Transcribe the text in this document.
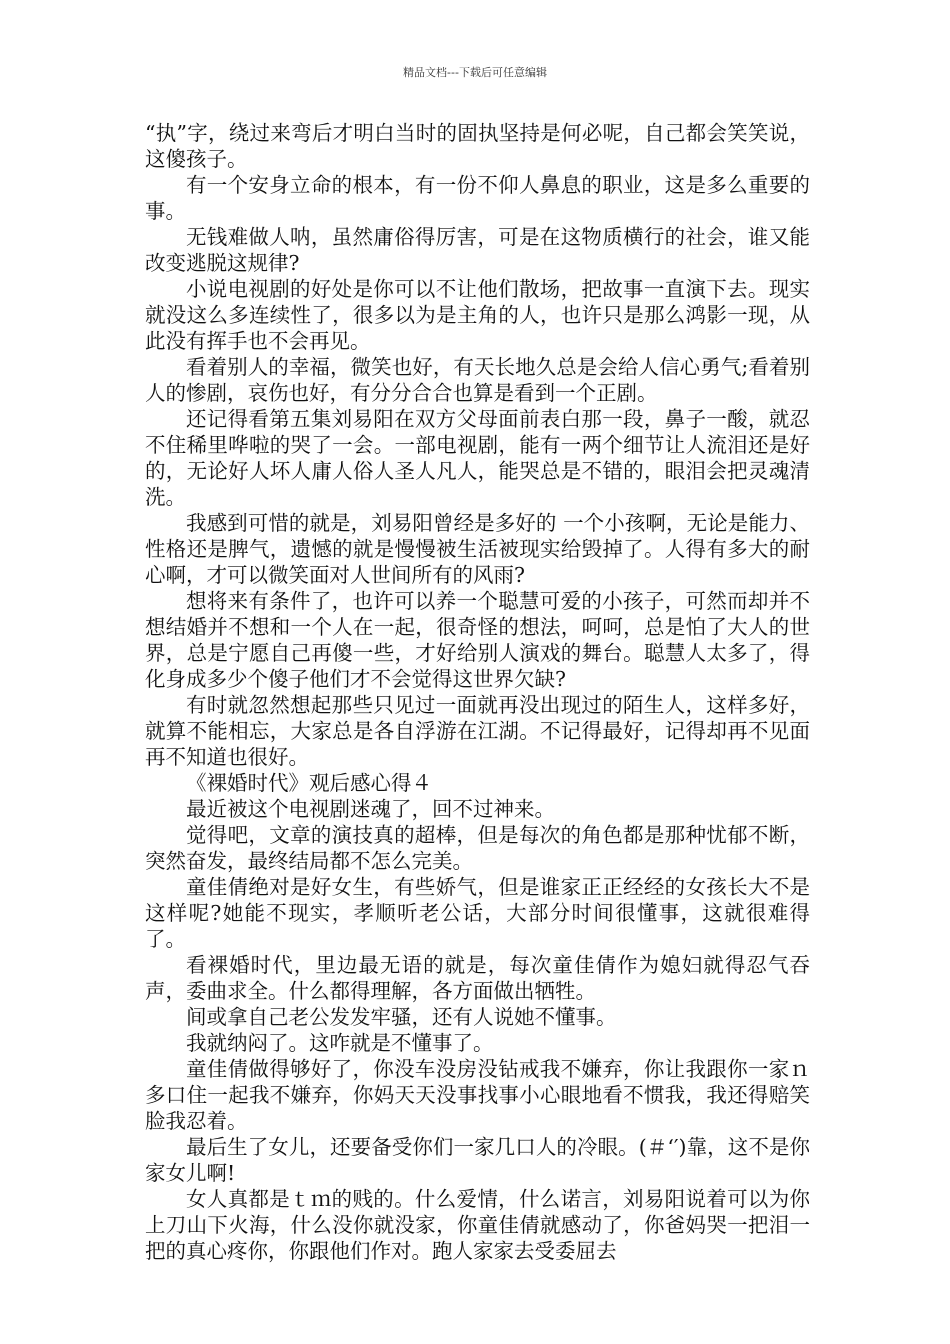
精品文档---下载后可任意编辑

“执”字，绕过来弯后才明白当时的固执坚持是何必呢，自己都会笑笑说，这傻孩子。

有一个安身立命的根本，有一份不仰人鼻息的职业，这是多么重要的事。

无钱难做人呐，虽然庸俗得厉害，可是在这物质横行的社会，谁又能改变逃脱这规律?

小说电视剧的好处是你可以不让他们散场，把故事一直演下去。现实就没这么多连续性了，很多以为是主角的人，也许只是那么鸿影一现，从此没有挥手也不会再见。

看着别人的幸福，微笑也好，有天长地久总是会给人信心勇气;看着别人的惨剧，哀伤也好，有分分合合也算是看到一个正剧。

还记得看第五集刘易阳在双方父母面前表白那一段，鼻子一酸，就忍不住稀里哗啦的哭了一会。一部电视剧，能有一两个细节让人流泪还是好的，无论好人坏人庸人俗人圣人凡人，能哭总是不错的，眼泪会把灵魂清洗。

我感到可惜的就是，刘易阳曾经是多好的 一个小孩啊，无论是能力、性格还是脾气，遗憾的就是慢慢被生活被现实给毁掉了。人得有多大的耐心啊，才可以微笑面对人世间所有的风雨?

想将来有条件了，也许可以养一个聪慧可爱的小孩子，可然而却并不想结婚并不想和一个人在一起，很奇怪的想法，呵呵，总是怕了大人的世界，总是宁愿自己再傻一些，才好给别人演戏的舞台。聪慧人太多了，得化身成多少个傻子他们才不会觉得这世界欠缺?

有时就忽然想起那些只见过一面就再没出现过的陌生人，这样多好，就算不能相忘，大家总是各自浮游在江湖。不记得最好，记得却再不见面再不知道也很好。

《裸婚时代》观后感心得４

最近被这个电视剧迷魂了，回不过神来。

觉得吧，文章的演技真的超棒，但是每次的角色都是那种忧郁不断，突然奋发，最终结局都不怎么完美。

童佳倩绝对是好女生，有些娇气，但是谁家正正经经的女孩长大不是这样呢?她能不现实，孝顺听老公话，大部分时间很懂事，这就很难得了。

看裸婚时代，里边最无语的就是，每次童佳倩作为媳妇就得忍气吞声，委曲求全。什么都得理解，各方面做出牺牲。

间或拿自己老公发发牢骚，还有人说她不懂事。

我就纳闷了。这咋就是不懂事了。

童佳倩做得够好了，你没车没房没钻戒我不嫌弃，你让我跟你一家ｎ多口住一起我不嫌弃，你妈天天没事找事小心眼地看不惯我，我还得赔笑脸我忍着。

最后生了女儿，还要备受你们一家几口人的冷眼。(＃‘′)靠，这不是你家女儿啊!

女人真都是ｔｍ的贱的。什么爱情，什么诺言，刘易阳说着可以为你上刀山下火海，什么没你就没家，你童佳倩就感动了，你爸妈哭一把泪一把的真心疼你，你跟他们作对。跑人家家去受委屈去
